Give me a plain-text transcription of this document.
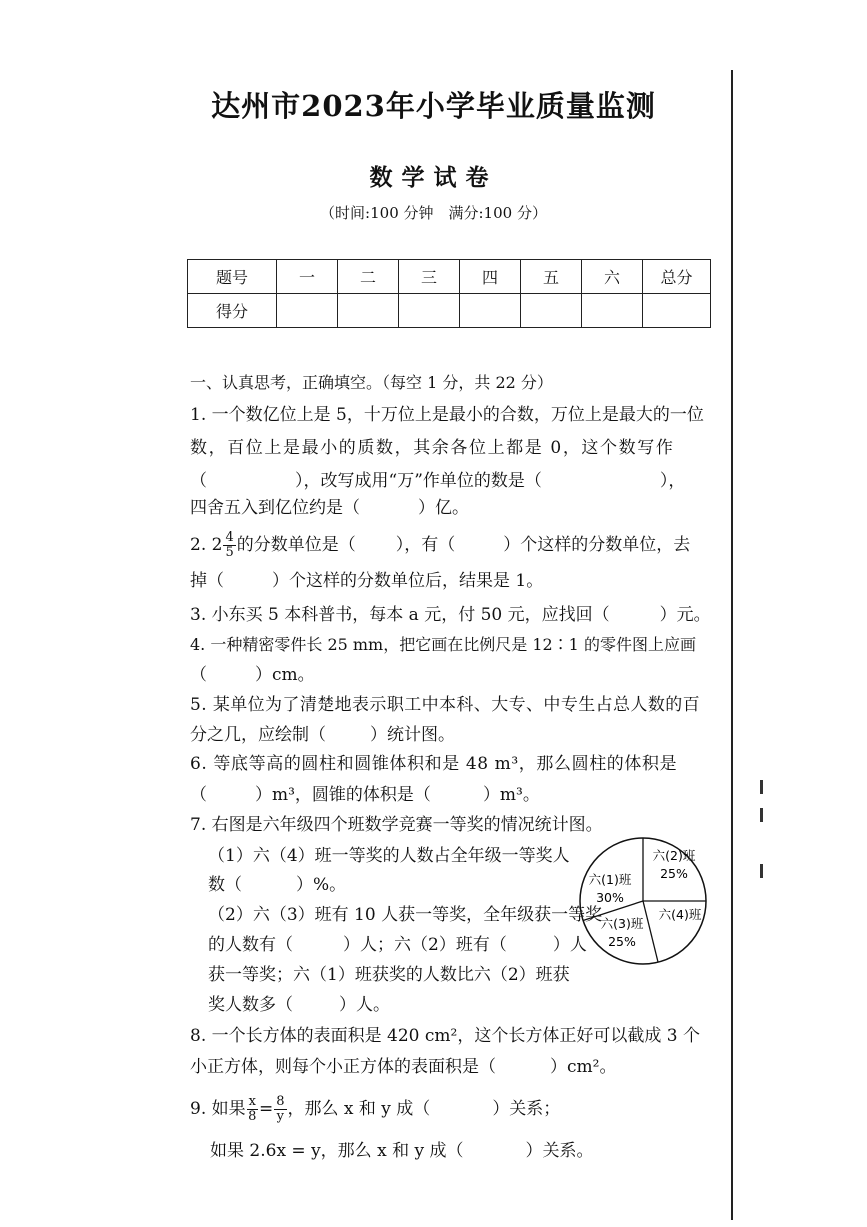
达州市2023年小学毕业质量监测
数学试卷
（时间:100 分钟　满分:100 分）
题号	一	二	三	四	五	六	总分
得分							
一、认真思考，正确填空。（每空 1 分，共 22 分）
1. 一个数亿位上是 5，十万位上是最小的合数，万位上是最大的一位
数，百位上是最小的质数，其余各位上都是 0，这个数写作
（	），改写成用“万”作单位的数是（	），
四舍五入到亿位约是（	）亿。
2. $2 \frac{4}{5}$ 的分数单位是（ ），有（	）个这样的分数单位，去
掉（	）个这样的分数单位后，结果是 1。
3. 小东买 5 本科普书，每本 a 元，付 50 元，应找回（	）元。
4. 一种精密零件长 25 mm，把它画在比例尺是 12∶1 的零件图上应画
（	）cm。
5. 某单位为了清楚地表示职工中本科、大专、中专生占总人数的百
分之几，应绘制（	）统计图。
6. 等底等高的圆柱和圆锥体积和是 48 m³，那么圆柱的体积是
（	）m³，圆锥的体积是（	）m³。
7. 右图是六年级四个班数学竞赛一等奖的情况统计图。
（1）六（4）班一等奖的人数占全年级一等奖人
数（	）%。
（2）六（3）班有 10 人获一等奖，全年级获一等奖
的人数有（	）人；六（2）班有（	）人
获一等奖；六（1）班获奖的人数比六（2）班获
奖人数多（	）人。
六(1)班
30%
六(2)班
25%
六(3)班
25%
六(4)班
8. 一个长方体的表面积是 420 cm²，这个长方体正好可以截成 3 个
小正方体，则每个小正方体的表面积是（	）cm²。
9. 如果 $\frac{x}{8} = \frac{8}{y}$ ，那么 x 和 y 成（	）关系；
如果 2.6x = y，那么 x 和 y 成（	）关系。
